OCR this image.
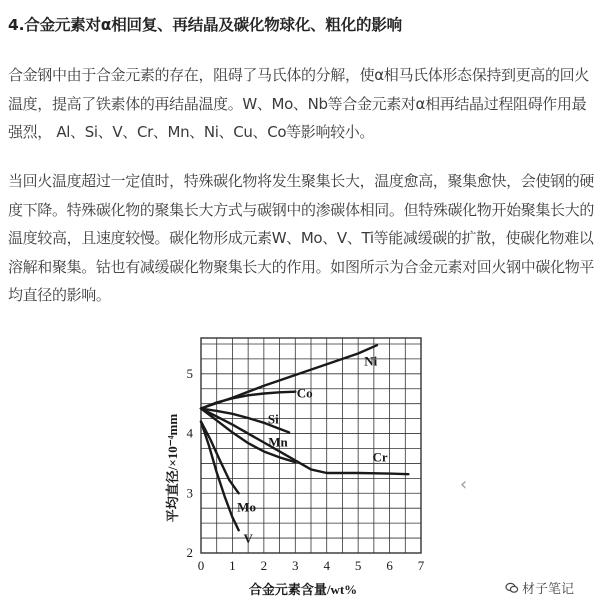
4.合金元素对α相回复、再结晶及碳化物球化、粗化的影响

合金钢中由于合金元素的存在，阻碍了马氏体的分解，使α相马氏体形态保持到更高的回火温度，提高了铁素体的再结晶温度。W、Mo、Nb等合金元素对α相再结晶过程阻碍作用最强烈， Al、Si、V、Cr、Mn、Ni、Cu、Co等影响较小。

当回火温度超过一定值时，特殊碳化物将发生聚集长大，温度愈高，聚集愈快，会使钢的硬度下降。特殊碳化物的聚集长大方式与碳钢中的渗碳体相同。但特殊碳化物开始聚集长大的温度较高，且速度较慢。碳化物形成元素W、Mo、V、Ti等能减缓碳的扩散，使碳化物难以溶解和聚集。钴也有减缓碳化物聚集长大的作用。如图所示为合金元素对回火钢中碳化物平均直径的影响。

Ni
Co
Si
Mn
Cr
Mo
V
0 1 2 3 4 5 6 7
2
3
4
5
平均直径/×10⁻⁴mm
合金元素含量/wt%
‹
材子笔记
